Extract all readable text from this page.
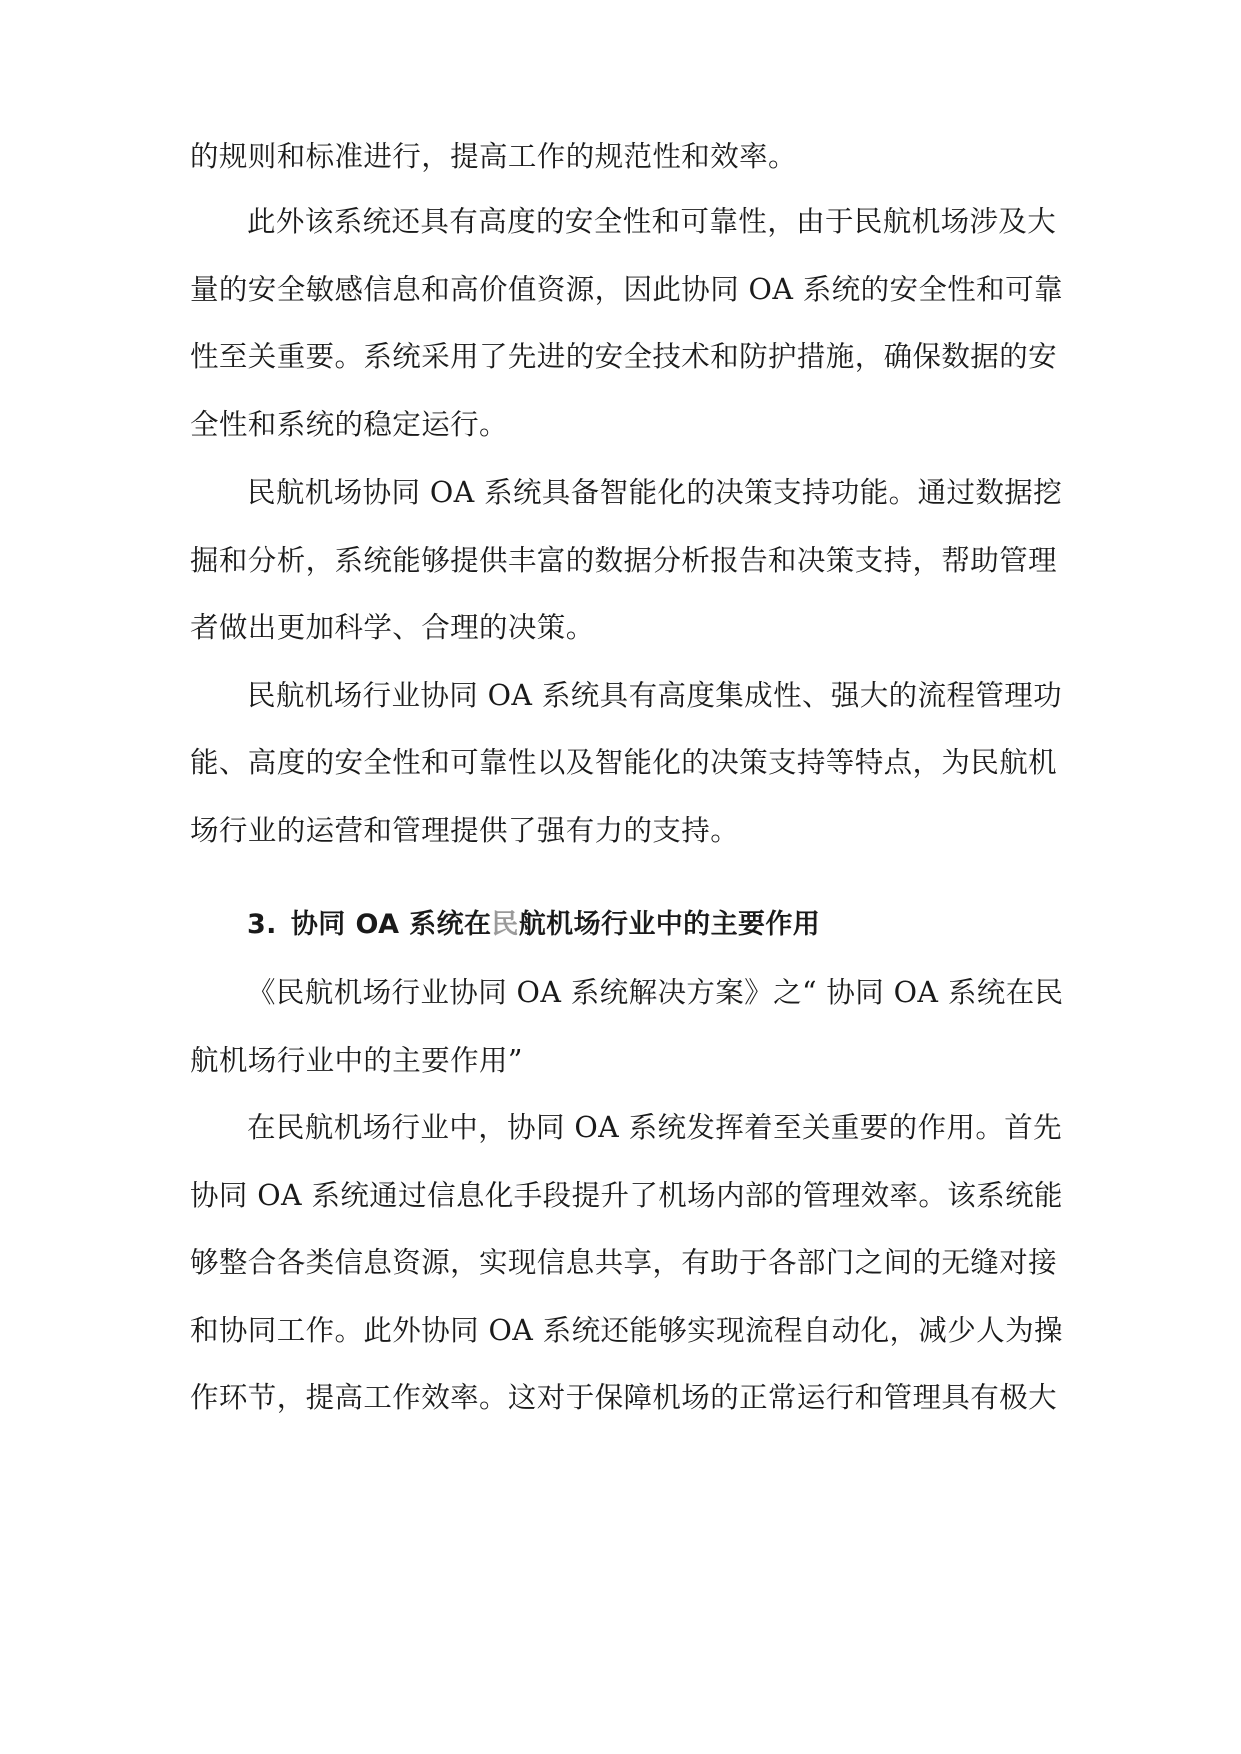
的规则和标准进行，提高工作的规范性和效率。
此外该系统还具有高度的安全性和可靠性，由于民航机场涉及大
量的安全敏感信息和高价值资源，因此协同 OA 系统的安全性和可靠
性至关重要。系统采用了先进的安全技术和防护措施，确保数据的安
全性和系统的稳定运行。
民航机场协同 OA 系统具备智能化的决策支持功能。通过数据挖
掘和分析，系统能够提供丰富的数据分析报告和决策支持，帮助管理
者做出更加科学、合理的决策。
民航机场行业协同 OA 系统具有高度集成性、强大的流程管理功
能、高度的安全性和可靠性以及智能化的决策支持等特点，为民航机
场行业的运营和管理提供了强有力的支持。
3. 协同 OA 系统在民航机场行业中的主要作用
《民航机场行业协同 OA 系统解决方案》之“ 协同 OA 系统在民
航机场行业中的主要作用”
在民航机场行业中，协同 OA 系统发挥着至关重要的作用。首先
协同 OA 系统通过信息化手段提升了机场内部的管理效率。该系统能
够整合各类信息资源，实现信息共享，有助于各部门之间的无缝对接
和协同工作。此外协同 OA 系统还能够实现流程自动化，减少人为操
作环节，提高工作效率。这对于保障机场的正常运行和管理具有极大
